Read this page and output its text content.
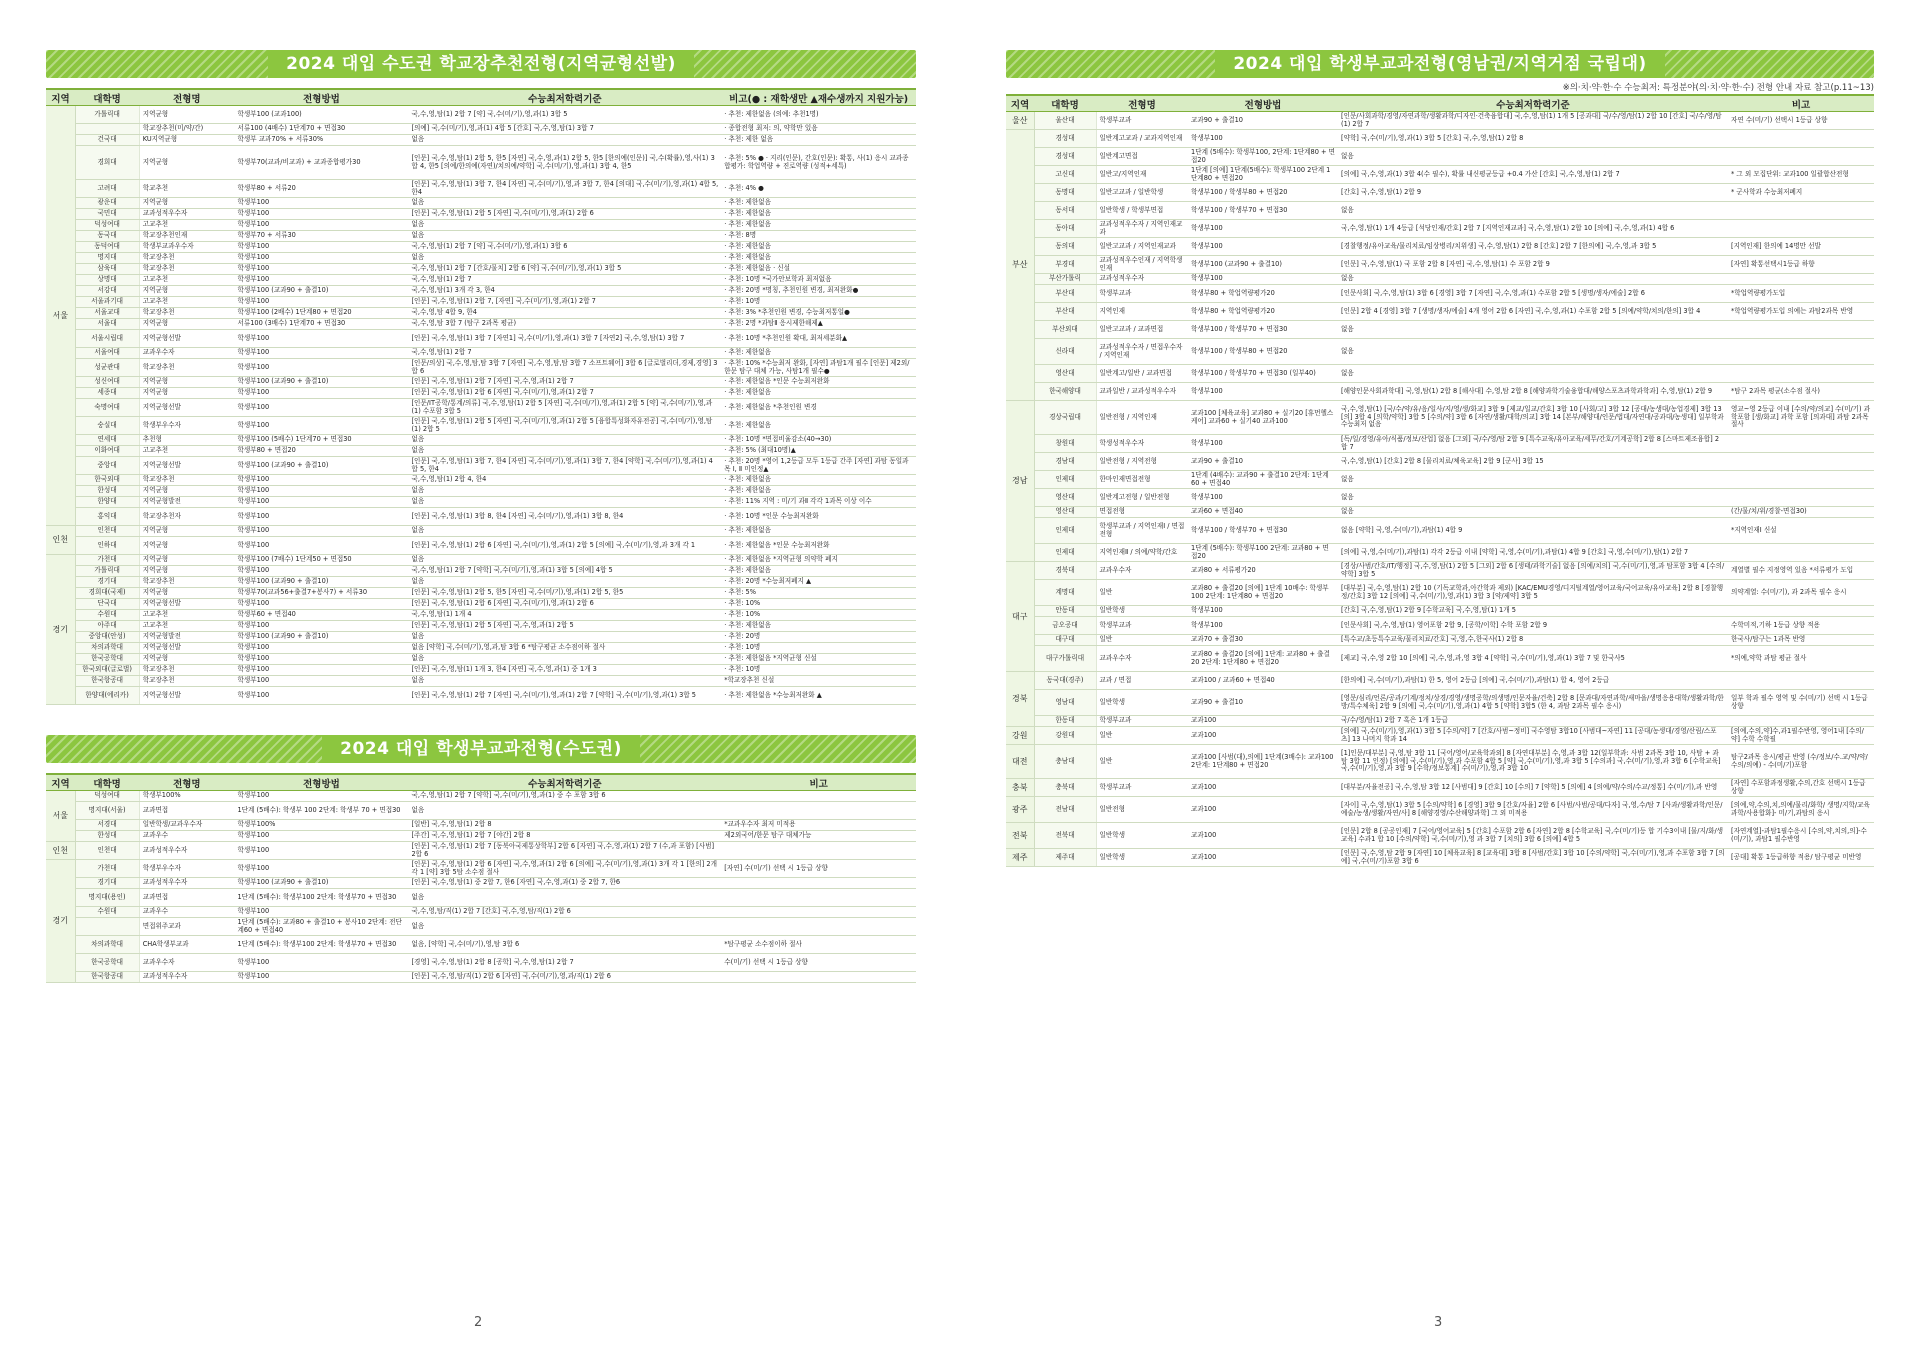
2024 대입 수도권 학교장추천전형(지역균형선발)
지역	대학명	전형명	전형방법	수능최저학력기준	비고(● : 재학생만 ▲재수생까지 지원가능)
서울	가톨릭대	지역균형	학생부100 (교과100)	국,수,영,탐(1) 2합 7 [약] 국,수(미/기),영,과(1) 3합 5	· 추천: 제한없음 (의예: 추천1명)
		학교장추천(미/약/간)	서류100 (4배수) 1단계70 + 면접30	[의예] 국,수(미/기),영,과(1) 4합 5 [간호] 국,수,영,탐(1) 3합 7	· 종합전형 최저: 의, 약학만 있음
	건국대	KU지역균형	학생부 교과70% + 서류30%	없음	· 추천: 제한 없음
	경희대	지역균형	학생부70(교과/비교과) + 교과종합평가30	[인문] 국,수,영,탐(1) 2합 5, 한5 [자연] 국,수,영,과(1) 2합 5, 한5 [한의예(인문)] 국,수(확률),영,사(1) 3합 4, 한5 [의예/한의예(자연)/치의예/약학] 국,수(미/기),영,과(1) 3합 4, 한5	· 추천: 5% ● · 지리(인문), 간호(인문): 확통, 사(1) 응시 교과종합평가: 학업역량 + 진로역량 (성적+세특)
	고려대	학교추천	학생부80 + 서류20	[인문] 국,수,영,탐(1) 3합 7, 한4 [자연] 국,수(미/기),영,과 3합 7, 한4 [의대] 국,수(미/기),영,과(1) 4합 5, 한4	· 추천: 4% ●
	광운대	지역균형	학생부100	없음	· 추천: 제한없음
	국민대	교과성적우수자	학생부100	[인문] 국,수,영,탐(1) 2합 5 [자연] 국,수(미/기),영,과(1) 2합 6	· 추천: 제한없음
	덕성여대	고교추천	학생부100	없음	· 추천: 제한없음
	동국대	학교장추천인재	학생부70 + 서류30	없음	· 추천: 8명
	동덕여대	학생부교과우수자	학생부100	국,수,영,탐(1) 2합 7 [약] 국,수(미/기),영,과(1) 3합 6	· 추천: 제한없음
	명지대	학교장추천	학생부100	없음	· 추천: 제한없음
	삼육대	학교장추천	학생부100	국,수,영,탐(1) 2합 7 [간호/물치] 2합 6 [약] 국,수(미/기),영,과(1) 3합 5	· 추천: 제한없음 · 신설
	상명대	고교추천	학생부100	국,수,영,탐(1) 2합 7	· 추천: 10명 *국가안보학과 최저없음
	서강대	지역균형	학생부100 (교과90 + 출결10)	국,수,영,탐(1) 3개 각 3, 한4	· 추천: 20명 *명칭, 추천인원 변경, 최저완화●
	서울과기대	고교추천	학생부100	[인문] 국,수,영,탐(1) 2합 7, [자연] 국,수(미/기),영,과(1) 2합 7	· 추천: 10명
	서울교대	학교장추천	학생부100 (2배수) 1단계80 + 면접20	국,수,영,탐 4합 9, 한4	· 추천: 3% *추천인원 변경, 수능최저통일●
	서울대	지역균형	서류100 (3배수) 1단계70 + 면접30	국,수,영,탐 3합 7 (탐구 2과목 평균)	· 추천: 2명 *과탐Ⅱ 응시제한해제▲
	서울시립대	지역균형선발	학생부100	[인문] 국,수,영,탐(1) 3합 7 [자연1] 국,수(미/기),영,과(1) 3합 7 [자연2] 국,수,영,탐(1) 3합 7	· 추천: 10명 *추천인원 확대, 최저세분화▲
	서울여대	교과우수자	학생부100	국,수,영,탐(1) 2합 7	· 추천: 제한없음
	성균관대	학교장추천	학생부100	[인문/의상] 국,수,영,탐,탐 3합 7 [자연] 국,수,영,탐,탐 3합 7 소프트웨어] 3합 6 [글로벌리더,경제,경영] 3합 6	· 추천: 10% *수능최저 완화, [자연] 과탐1개 필수 [인문] 제2외/한문 탐구 대체 가능, 사탐1개 필수●
	성신여대	지역균형	학생부100 (교과90 + 출결10)	[인문] 국,수,영,탐(1) 2합 7 [자연] 국,수,영,과(1) 2합 7	· 추천: 제한없음 *인문 수능최저완화
	세종대	지역균형	학생부100	[인문] 국,수,영,탐(1) 2합 6 [자연] 국,수(미/기),영,과(1) 2합 7	· 추천: 제한없음
	숙명여대	지역균형선발	학생부100	[인문/IT공학/통계/의류] 국,수,영,탐(1) 2합 5 [자연] 국,수(미/기),영,과(1) 2합 5 [약] 국,수(미/기),영,과(1) 수포함 3합 5	· 추천: 제한없음 *추천인원 변경
	숭실대	학생부우수자	학생부100	[인문] 국,수,영,탐(1) 2합 5 [자연] 국,수(미/기),영,과(1) 2합 5 [융합특성화자유전공] 국,수(미/기),영,탐(1) 2합 5	· 추천: 제한없음
	연세대	추천형	학생부100 (5배수) 1단계70 + 면접30	없음	· 추천: 10명 *면접비율감소(40→30)
	이화여대	고교추천	학생부80 + 면접20	없음	· 추천: 5% (최대10명)▲
	중앙대	지역균형선발	학생부100 (교과90 + 출결10)	[인문] 국,수,영,탐(1) 3합 7, 한4 [자연] 국,수(미/기),영,과(1) 3합 7, 한4 [약학] 국,수(미/기),영,과(1) 4합 5, 한4	· 추천: 20명 *영어 1,2등급 모두 1등급 간주 [자연] 과탐 동일과목 Ⅰ, Ⅱ 미인정▲
	한국외대	학교장추천	학생부100	국,수,영,탐(1) 2합 4, 한4	· 추천: 제한없음
	한성대	지역균형	학생부100	없음	· 추천: 제한없음
	한양대	지역균형발전	학생부100	없음	· 추천: 11% 지역 : 미/기 과Ⅱ 각각 1과목 이상 이수
	홍익대	학교장추천자	학생부100	[인문] 국,수,영,탐(1) 3합 8, 한4 [자연] 국,수(미/기),영,과(1) 3합 8, 한4	· 추천: 10명 *인문 수능최저완화
인천	인천대	지역균형	학생부100	없음	· 추천: 제한없음
	인하대	지역균형	학생부100	[인문] 국,수,영,탐(1) 2합 6 [자연] 국,수(미/기),영,과(1) 2합 5 [의예] 국,수(미/기),영,과 3개 각 1	· 추천: 제한없음 *인문 수능최저완화
경기	가천대	지역균형	학생부100 (7배수) 1단계50 + 면접50	없음	· 추천: 제한없음 *지역균형 의약학 폐지
	가톨릭대	지역균형	학생부100	국,수,영,탐(1) 2합 7 [약학] 국,수(미/기),영,과(1) 3합 5 [의예] 4합 5	· 추천: 제한없음
	경기대	학교장추천	학생부100 (교과90 + 출결10)	없음	· 추천: 20명 *수능최저폐지 ▲
	경희대(국제)	지역균형	학생부70(교과56+출결7+봉사7) + 서류30	[인문] 국,수,영,탐(1) 2합 5, 한5 [자연] 국,수(미/기),영,과(1) 2합 5, 한5	· 추천: 5%
	단국대	지역균형선발	학생부100	[인문] 국,수,영,탐(1) 2합 6 [자연] 국,수(미/기),영,과(1) 2합 6	· 추천: 10%
	수원대	고교추천	학생부60 + 면접40	국,수,영,탐(1) 1개 4	· 추천: 10%
	아주대	고교추천	학생부100	[인문] 국,수,영,탐(1) 2합 5 [자연] 국,수,영,과(1) 2합 5	· 추천: 제한없음
	중앙대(안성)	지역균형발전	학생부100 (교과90 + 출결10)	없음	· 추천: 20명
	차의과학대	지역균형선발	학생부100	없음 [약학] 국,수(미/기),영,과,탐 3합 6 *탐구평균 소수점이하 절사	· 추천: 10명
	한국공학대	지역균형	학생부100	없음	· 추천: 제한없음 *지역균형 신설
	한국외대(글로벌)	학교장추천	학생부100	[인문] 국,수,영,탐(1) 1개 3, 한4 [자연] 국,수,영,과(1) 중 1개 3	· 추천: 10명
	한국항공대	학교장추천	학생부100	없음	*학교장추천 신설
	한양대(에리카)	지역균형선발	학생부100	[인문] 국,수,영,탐(1) 2합 7 [자연] 국,수(미/기),영,과(1) 2합 7 [약학] 국,수(미/기),영,과(1) 3합 5	· 추천: 제한없음 *수능최저완화 ▲
2024 대입 학생부교과전형(수도권)
지역	대학명	전형명	전형방법	수능최저학력기준	비고
서울	덕성여대	학생부100%	학생부100	국,수,영,탐(1) 2합 7 [약학] 국,수(미/기),영,과(1) 중 수 포함 3합 6	
	명지대(서울)	교과면접	1단계 (5배수): 학생부 100 2단계: 학생부 70 + 면접30	없음	
	서경대	일반학생/교과우수자	학생부100%	[일반] 국,수,영,탐(1) 2합 8	*교과우수자 최저 미적용
	한성대	교과우수	학생부100	[주간] 국,수,영,탐(1) 2합 7 [야간] 2합 8	제2외국어/한문 탐구 대체가능
인천	인천대	교과성적우수자	학생부100	[인문] 국,수,영,탐(1) 2합 7 [동북아국제통상학부] 2합 6 [자연] 국,수,영,과(1) 2합 7 (수,과 포함) [사범] 2합 6	
경기	가천대	학생부우수자	학생부100	[인문] 국,수,영,탐(1) 2합 6 [자연] 국,수,영,과(1) 2합 6 [의예] 국,수(미/기),영,과(1) 3개 각 1 [한의] 2개 각 1 [약] 3합 5탐 소수점 절사	[자연] 수(미/기) 선택 시 1등급 상향
	경기대	교과성적우수자	학생부100 (교과90 + 출결10)	[인문] 국,수,영,탐(1) 중 2합 7, 한6 [자연] 국,수,영,과(1) 중 2합 7, 한6	
	명지대(용인)	교과면접	1단계 (5배수): 학생부100 2단계: 학생부70 + 면접30	없음	
	수원대	교과우수	학생부100	국,수,영,탐/직(1) 2합 7 [간호] 국,수,영,탐/직(1) 2합 6	
		면접위주교과	1단계 (5배수): 교과80 + 출결10 + 봉사10 2단계: 전단계60 + 면접40	없음	
	차의과학대	CHA학생부교과	1단계 (5배수): 학생부100 2단계: 학생부70 + 면접30	없음, [약학] 국,수(미/기),영,탐 3합 6	*탐구평균 소수점이하 절사
	한국공학대	교과우수자	학생부100	[경영] 국,수,영,탐(1) 2합 8 [공학] 국,수,영,탐(1) 2합 7	수(미/기) 선택 시 1등급 상향
	한국항공대	교과성적우수자	학생부100	[인문] 국,수,영,탐/직(1) 2합 6 [자연] 국,수(미/기),영,과/직(1) 2합 6	
2
2024 대입 학생부교과전형(영남권/지역거점 국립대)
※의·치·약·한·수 수능최저: 특정분야(의·치·약·한·수) 전형 안내 자료 참고(p.11~13)
지역	대학명	전형명	전형방법	수능최저학력기준	비고
울산	울산대	학생부교과	교과90 + 출결10	[인문/사회과학/경영/자연과학/생활과학/디자인·건축융합대] 국,수,영,탐(1) 1개 5 [공과대] 국/수/영/탐(1) 2합 10 [간호] 국/수/영/탐(1) 2합 7	자연 수(미/기) 선택시 1등급 상향
부산	경성대	일반계고교과 / 교과지역인재	학생부100	[약학] 국,수(미/기),영,과(1) 3합 5 [간호] 국,수,영,탐(1) 2합 8	
	경성대	일반계고면접	1단계 (5배수): 학생부100, 2단계: 1단계80 + 면접20	없음	
	고신대	일반고/지역인재	1단계 [의예] 1단계(5배수): 학생부100 2단계 1단계80 + 면접20	[의예] 국,수,영,과(1) 3합 4(수 필수), 확률 내신평균등급 +0.4 가산 [간호] 국,수,영,탐(1) 2합 7	* 그 외 모집단위: 교과100 일괄합산전형
	동명대	일반고교과 / 일반학생	학생부100 / 학생부80 + 면접20	[간호] 국,수,영,탐(1) 2합 9	* 군사학과 수능최저폐지
	동서대	일반학생 / 학생부면접	학생부100 / 학생부70 + 면접30	없음	
	동아대	교과성적우수자 / 지역인재교과	학생부100	국,수,영,탐(1) 1개 4등급 [석당인재/간호] 2합 7 [지역인재교과] 국,수,영,탐(1) 2합 10 [의예] 국,수,영,과(1) 4합 6	
	동의대	일반고교과 / 지역인재교과	학생부100	[경찰행정/유아교육/물리치료/임상병리/치위생] 국,수,영,탐(1) 2합 8 [간호] 2합 7 [한의예] 국,수,영,과 3합 5	[지역인재] 한의예 14명만 선발
	부경대	교과성적우수인재 / 지역학생인재	학생부100 (교과90 + 출결10)	[인문] 국,수,영,탐(1) 국 포함 2합 8 [자연] 국,수,영,탐(1) 수 포함 2합 9	[자연] 확통선택시1등급 하향
	부산가톨릭	교과성적우수자	학생부100	없음	
	부산대	학생부교과	학생부80 + 학업역량평가20	[인문사회] 국,수,영,탐(1) 3합 6 [경영] 3합 7 [자연] 국,수,영,과(1) 수포함 2합 5 [생명/생자/에술] 2합 6	*학업역량평가도입
	부산대	지역인재	학생부80 + 학업역량평가20	[인문] 2합 4 [경영] 3합 7 [생명/생자/에술] 4개 영어 2합 6 [자연] 국,수,영,과(1) 수포함 2합 5 [의예/약학/치의/한의] 3합 4	*학업역량평가도입 의예는 과탐2과목 반영
	부산외대	일반고교과 / 교과면접	학생부100 / 학생부70 + 면접30	없음	
	신라대	교과성적우수자 / 면접우수자 / 지역인재	학생부100 / 학생부80 + 면접20	없음	
	영산대	일반계고/일반 / 교과면접	학생부100 / 학생부70 + 면접30 (일부40)	없음	
	한국해양대	교과일반 / 교과성적우수자	학생부100	[해양인문사회과학대] 국,영,탐(1) 2합 8 [해사대] 수,영,탐 2합 8 [해양과학기술융합대/해양스포츠과학과학과] 수,영,탐(1) 2합 9	*탐구 2과목 평균(소수점 절사)
경남	경상국립대	일반전형 / 지역인재	교과100 [체육교육] 교과80 + 실기20 [휴먼헬스케어] 교과60 + 실기40 교과100	국,수,영,탐(1) [국/수/약/유/음/일사/지/영/생/화교] 3합 9 [제교/일교/간호] 3합 10 [사회/고] 3합 12 [공대/농생대/농업경제] 3합 13 [의] 3합 4 [의학/약학] 3합 5 [수의/약] 3합 6 [자연/생활/대학/의교] 3합 14 [본부/해양대/인문/법대/자연대/공과대/농생대] 일부학과 수능최저 없음	영교~영 2등급 이내 [수의/약/의교] 수(미/기) 과학포함 [생/화교] 과학 포함 [의과대] 과탐 2과목 절사
	창원대	학생성적우수자	학생부100	[독/일/경영/유아/식품/정보/산업] 없음 [그외] 국/수/영/탐 2합 9 [특수교육/유아교육/세무/간호/기계공학] 2합 8 [스마트제조융합] 2합 7	
	경남대	일반전형 / 지역전형	교과90 + 출결10	국,수,영,탐(1) [간호] 2합 8 [물리치료/체육교육] 2합 9 [군사] 3합 15	
	인제대	한마인재면접전형	1단계 (4배수): 교과90 + 출결10 2단계: 1단계60 + 면접40	없음	
	영산대	일반계고전형 / 일반전형	학생부100	없음	
	영산대	면접전형	교과60 + 면접40	없음	(간/물/치/위/경찰-면접30)
	인제대	학생부교과 / 지역인재Ⅰ / 면접전형	학생부100 / 학생부70 + 면접30	없음 [약학] 국,영,수(미/기),과탐(1) 4합 9	*지역인재Ⅰ 신설
	인제대	지역인재Ⅱ / 의예/약학/간호	1단계 (5배수): 학생부100 2단계: 교과80 + 면접20	[의예] 국,영,수(미/기),과탐(1) 각각 2등급 이내 [약학] 국,영,수(미/기),과탐(1) 4합 9 [간호] 국,영,수(미/기),탐(1) 2합 7	
대구	경북대	교과우수자	교과80 + 서류평가20	[경상/사범/간호/IT/행정] 국,수,영,탐(1) 2합 5 [그외] 2합 6 [생태/과학기술] 없음 [의예/치의] 국,수(미/기),영,과 탐포함 3합 4 [수의/약학] 3합 5	계열별 필수 지정영역 있음 *서류평가 도입
	계명대	일반	교과80 + 출결20 [의예] 1단계 10배수: 학생부100 2단계: 1단계80 + 면접20	[대부분] 국,수,영,탐(1) 2합 10 (기독교학과,아간학과 제외) [KAC/EMU경영/디지털계열/영어교육/국어교육/유아교육] 2합 8 [경찰행정/간호] 3합 12 [의예] 국,수(미/기),영,과(1) 3합 3 [약/제약] 3합 5	의약계열: 수(미/기), 과 2과목 필수 응시
	안동대	일반학생	학생부100	[간호] 국,수,영,탐(1) 2합 9 [수학교육] 국,수,영,탐(1) 1개 5	
	금오공대	학생부교과	학생부100	[인문사회] 국,수,영,탐(1) 영어포함 2합 9, [공학/이학] 수학 포함 2합 9	수학미적,기하 1등급 상향 적용
	대구대	일반	교과70 + 출결30	[특수교/초등특수교육/물리치료/간호] 국,영,수,한국사(1) 2합 8	한국사/탐구는 1과목 반영
	대구가톨릭대	교과우수자	교과80 + 출결20 [의예] 1단계: 교과80 + 출결20 2단계: 1단계80 + 면접20	[제교] 국,수,영 2합 10 [의예] 국,수,영,과,영 3합 4 [약학] 국,수(미/기),영,과(1) 3합 7 및 한국사5	*의예,약학 과탐 평균 절사
경북	동국대(경주)	교과 / 면접	교과100 / 교과60 + 면접40	[한의예] 국,수(미/기),과탐(1) 한 5, 영어 2등급 [의예] 국,수(미/기),과탐(1) 합 4, 영어 2등급	
	영남대	일반학생	교과90 + 출결10	[영문/심리/언론/공과/기계/정치/상경/경영/생명공학/의생명/인문자율/건축] 2합 8 [문과대/자연과학/새마을/생명응용대학/생활과학/한방/특수체육] 2합 9 [의예] 국,수(미/기),영,과(1) 4합 5 [약학] 3합5 (한 4, 과탐 2과목 필수 응시)	일부 학과 필수 영역 및 수(미/기) 선택 시 1등급 상향
	한동대	학생부교과	교과100	국/수/영/탐(1) 2합 7 혹은 1개 1등급	
강원	강원대	일반	교과100	[의예] 국,수(미/기),영,과(1) 3합 5 [수의/약] 7 [간호/사범~정비] 국수영탐 3합10 [사범대~자연] 11 [공대/농생대/경영/산림/스포츠] 13 나머지 학과 14	[의예,수의,약]수,과1필수반영, 영어1내 [수의/약] 수학 수학필
대전	충남대	일반	교과100 [사범(대),의예] 1단계(3배수): 교과100 2단계: 1단계80 + 면접20	[1]인문/대부분] 국,영,탐 3합 11 [국어/영어/교육학과외] 8 [자연대부분] 수,영,과 3합 12(일부학과: 사범 2과목 3합 10, 사탐 + 과탐 3합 11 인정) [의예] 국,수(미/기),영,과 수포함 4합 5 [약] 국,수(미/기),영,과 3합 5 [수의과] 국,수(미/기),영,과 3합 6 [수학교육] 국,수(미/기),영,과 3합 9 [수학/정보통계] 수(미/기),영,과 3합 10	탐구2과목 응시/평균 반영 (수/정보/수.교/약/약/수의/의예) - 수(미/기)포함
충북	충북대	학생부교과	교과100	[대부분/자율전공] 국,수,영,탐 3합 12 [사범대] 9 [간호] 10 [수의] 7 [약학] 5 [의예] 4 [의예/약/수의/수교/정통] 수(미/기),과 반영	[자연] 수포함과정생활,수의,간호 선택시 1등급 상향
광주	전남대	일반전형	교과100	[자이] 국,수,영,탐(1) 3합 5 [수의/약학] 6 [경영] 3합 9 [간호/자율] 2합 6 [사범/사범/공대/다자] 국,영,수/탐 7 [사과/생활과학/인문/예술/농생/생활/자연/사] 8 [해양경영/수산해양과학] 그 외 미적용	[의예,약,수의,치,의예/물리/화학/ 생명/지학/교육과학/사용합화]- 미/기,과탐의 응시
전북	전북대	일반학생	교과100	[인문] 2합 8 [공공인재] 7 [국어/영어교육] 5 [간호] 수포함 2합 6 [자연] 2합 8 [수학교육] 국,수(미/기)등 합 기수3이내 [물/지/화/생교육] 수과1 합 10 [수의/약학] 국,수(미/기),영 과 3합 7 [치의] 3합 6 [의예] 4합 5	[자연계열]-과탐1필수응시 [수의,약,치의,의]-수(미/기), 과탐1 필수반영
제주	제주대	일반학생	교과100	[인문] 국,수,영,탐 2합 9 [자연] 10 [체육교육] 8 [교육대] 3합 8 [사범/간호] 3합 10 [수의/약학] 국,수(미/기),영,과 수포함 3합 7 [의예] 국,수(미/기)포함 3합 6	[공대] 확통 1등급하향 적용/ 탐구평균 미반영
3
